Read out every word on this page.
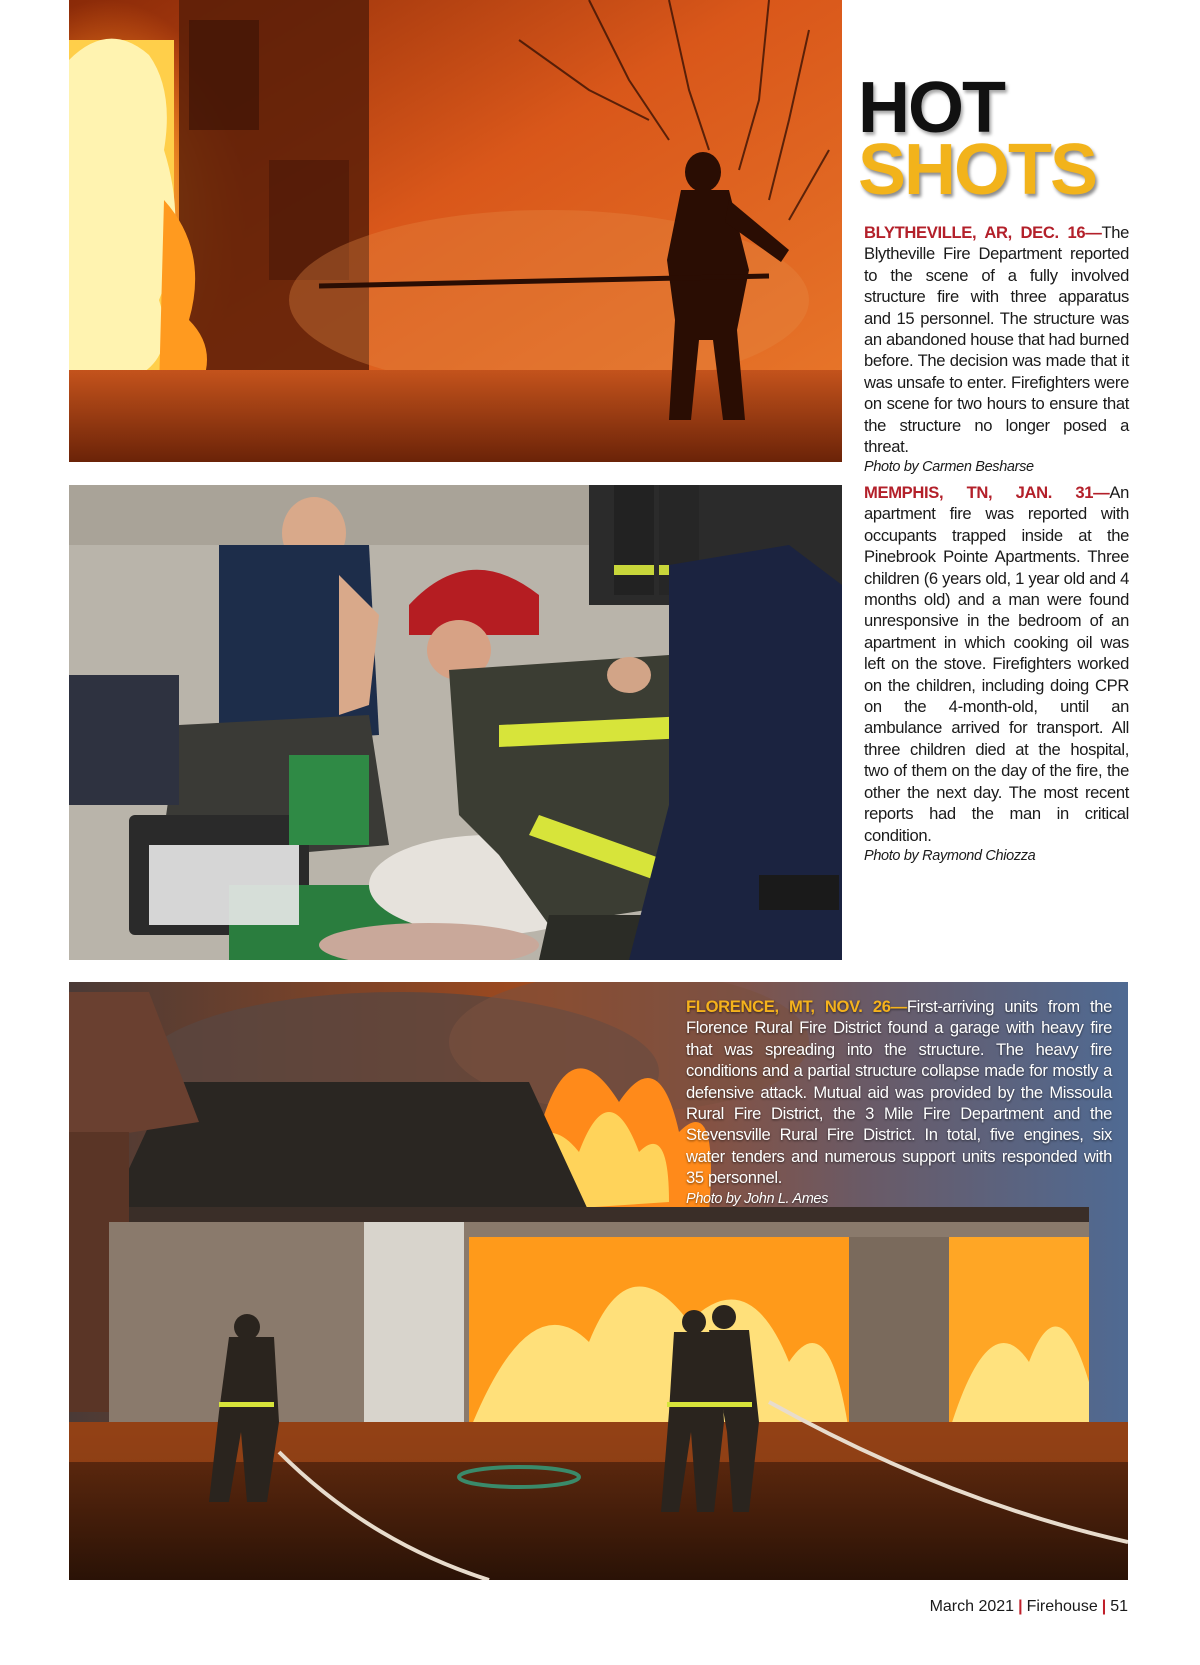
HOT
SHOTS

BLYTHEVILLE, AR, DEC. 16—The Blytheville Fire Department reported to the scene of a fully involved structure fire with three apparatus and 15 personnel. The structure was an abandoned house that had burned before. The decision was made that it was unsafe to enter. Firefighters were on scene for two hours to ensure that the structure no longer posed a threat.
Photo by Carmen Besharse

MEMPHIS, TN, JAN. 31—An apartment fire was reported with occupants trapped inside at the Pinebrook Pointe Apartments. Three children (6 years old, 1 year old and 4 months old) and a man were found unresponsive in the bedroom of an apartment in which cooking oil was left on the stove. Firefighters worked on the children, including doing CPR on the 4-month-old, until an ambulance arrived for transport. All three children died at the hospital, two of them on the day of the fire, the other the next day. The most recent reports had the man in critical condition.
Photo by Raymond Chiozza

FLORENCE, MT, NOV. 26—First-arriving units from the Florence Rural Fire District found a garage with heavy fire that was spreading into the structure. The heavy fire conditions and a partial structure collapse made for mostly a defensive attack. Mutual aid was provided by the Missoula Rural Fire District, the 3 Mile Fire Department and the Stevensville Rural Fire District. In total, five engines, six water tenders and numerous support units responded with 35 personnel.
Photo by John L. Ames

March 2021 | Firehouse | 51
